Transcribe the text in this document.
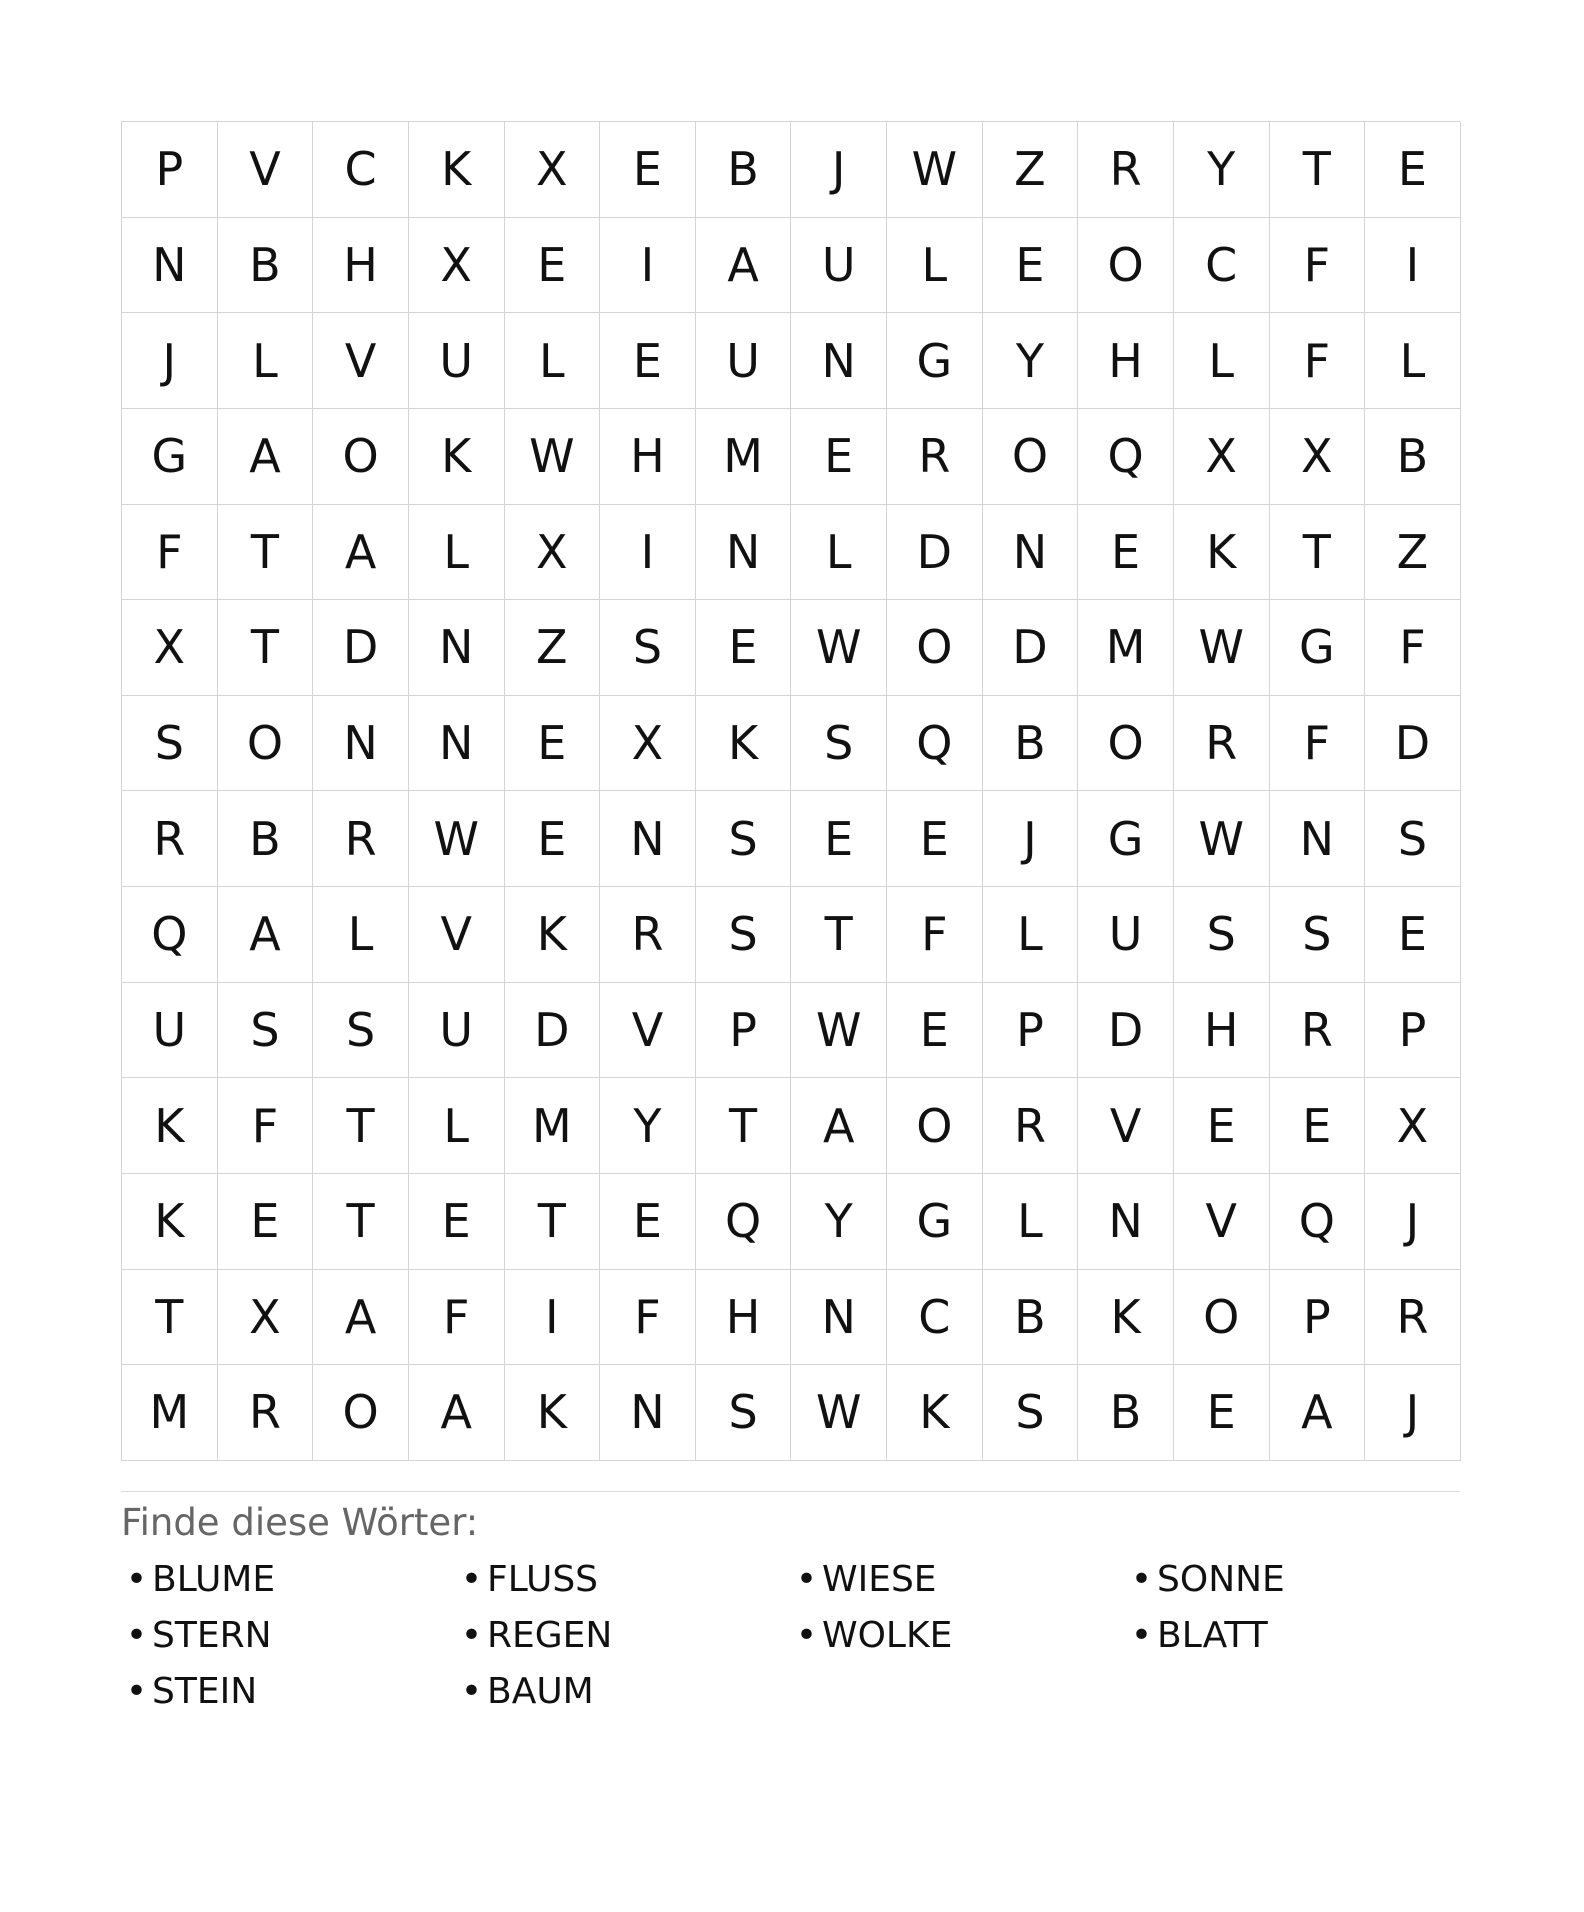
P	V	C	K	X	E	B	J	W	Z	R	Y	T	E
N	B	H	X	E	I	A	U	L	E	O	C	F	I
J	L	V	U	L	E	U	N	G	Y	H	L	F	L
G	A	O	K	W	H	M	E	R	O	Q	X	X	B
F	T	A	L	X	I	N	L	D	N	E	K	T	Z
X	T	D	N	Z	S	E	W	O	D	M	W	G	F
S	O	N	N	E	X	K	S	Q	B	O	R	F	D
R	B	R	W	E	N	S	E	E	J	G	W	N	S
Q	A	L	V	K	R	S	T	F	L	U	S	S	E
U	S	S	U	D	V	P	W	E	P	D	H	R	P
K	F	T	L	M	Y	T	A	O	R	V	E	E	X
K	E	T	E	T	E	Q	Y	G	L	N	V	Q	J
T	X	A	F	I	F	H	N	C	B	K	O	P	R
M	R	O	A	K	N	S	W	K	S	B	E	A	J
Finde diese Wörter:
• BLUME	• FLUSS	• WIESE	• SONNE
• STERN	• REGEN	• WOLKE	• BLATT
• STEIN	• BAUM
